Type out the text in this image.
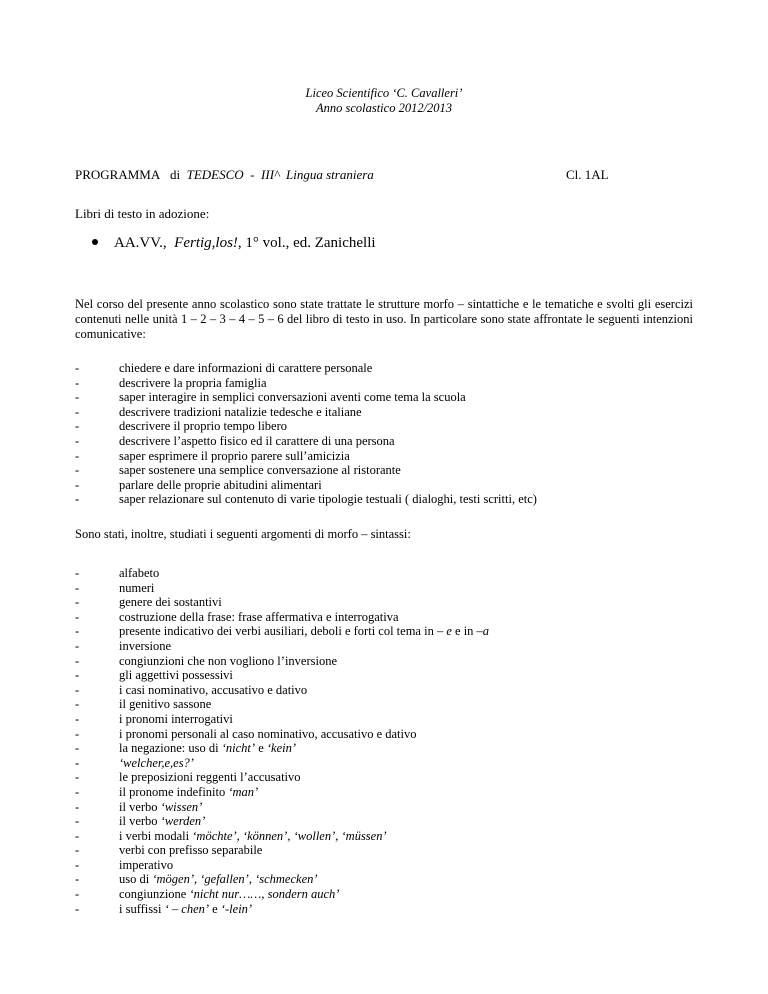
Liceo Scientifico ‘C. Cavalleri’
Anno scolastico 2012/2013
PROGRAMMA di TEDESCO - III^ Lingua straniera	Cl. 1AL
Libri di testo in adozione:
AA.VV., Fertig,los!, 1° vol., ed. Zanichelli
Nel corso del presente anno scolastico sono state trattate le strutture morfo – sintattiche e le tematiche e svolti gli esercizi contenuti nelle unità 1 – 2 – 3 – 4 – 5 – 6 del libro di testo in uso. In particolare sono state affrontate le seguenti intenzioni comunicative:
- chiedere e dare informazioni di carattere personale
- descrivere la propria famiglia
- saper interagire in semplici conversazioni aventi come tema la scuola
- descrivere tradizioni natalizie tedesche e italiane
- descrivere il proprio tempo libero
- descrivere l’aspetto fisico ed il carattere di una persona
- saper esprimere il proprio parere sull’amicizia
- saper sostenere una semplice conversazione al ristorante
- parlare delle proprie abitudini alimentari
- saper relazionare sul contenuto di varie tipologie testuali ( dialoghi, testi scritti, etc)
Sono stati, inoltre, studiati i seguenti argomenti di morfo – sintassi:
- alfabeto
- numeri
- genere dei sostantivi
- costruzione della frase: frase affermativa e interrogativa
- presente indicativo dei verbi ausiliari, deboli e forti col tema in – e e in –a
- inversione
- congiunzioni che non vogliono l’inversione
- gli aggettivi possessivi
- i casi nominativo, accusativo e dativo
- il genitivo sassone
- i pronomi interrogativi
- i pronomi personali al caso nominativo, accusativo e dativo
- la negazione: uso di ‘nicht’ e ‘kein’
- ‘welcher,e,es?’
- le preposizioni reggenti l’accusativo
- il pronome indefinito ‘man’
- il verbo ‘wissen’
- il verbo ‘werden’
- i verbi modali ‘möchte’, ‘können’, ‘wollen’, ‘müssen’
- verbi con prefisso separabile
- imperativo
- uso di ‘mögen’, ‘gefallen’, ‘schmecken’
- congiunzione ‘nicht nur……, sondern auch’
- i suffissi ‘ – chen’ e ‘-lein’
